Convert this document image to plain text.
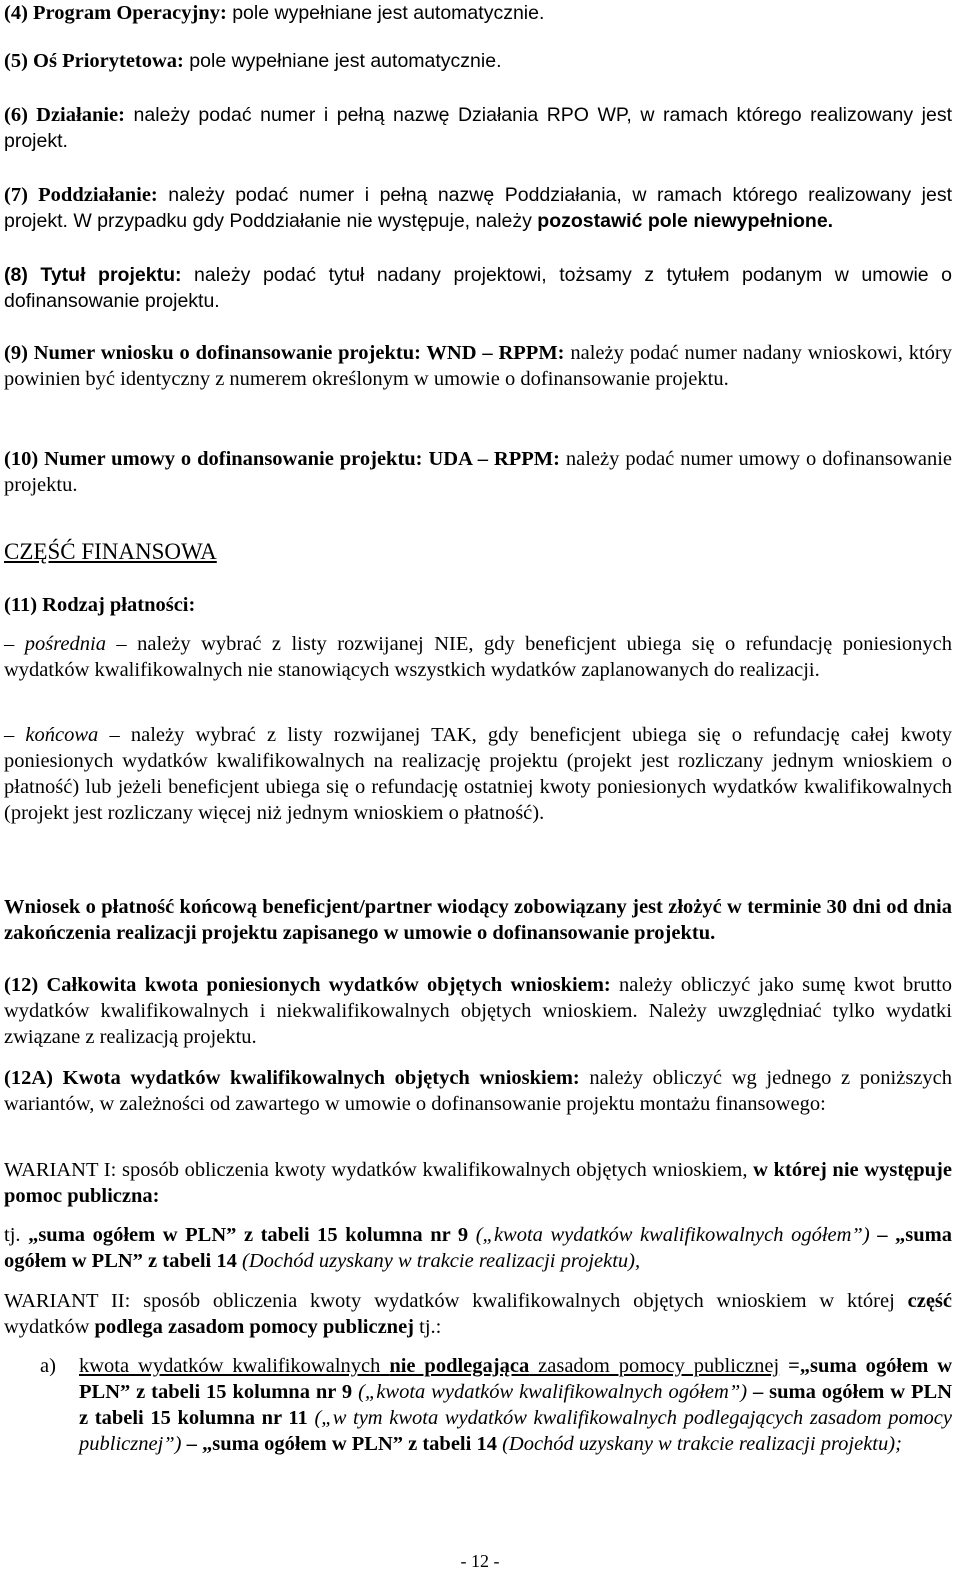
(4) Program Operacyjny: pole wypełniane jest automatycznie.

(5) Oś Priorytetowa: pole wypełniane jest automatycznie.

(6) Działanie: należy podać numer i pełną nazwę Działania RPO WP, w ramach którego realizowany jest projekt.

(7) Poddziałanie: należy podać numer i pełną nazwę Poddziałania, w ramach którego realizowany jest projekt. W przypadku gdy Poddziałanie nie występuje, należy pozostawić pole niewypełnione.

(8) Tytuł projektu: należy podać tytuł nadany projektowi, tożsamy z tytułem podanym w umowie o dofinansowanie projektu.

(9) Numer wniosku o dofinansowanie projektu: WND – RPPM: należy podać numer nadany wnioskowi, który powinien być identyczny z numerem określonym w umowie o dofinansowanie projektu.

(10) Numer umowy o dofinansowanie projektu: UDA – RPPM: należy podać numer umowy o dofinansowanie projektu.

CZĘŚĆ FINANSOWA

(11) Rodzaj płatności:

– pośrednia – należy wybrać z listy rozwijanej NIE, gdy beneficjent ubiega się o refundację poniesionych wydatków kwalifikowalnych nie stanowiących wszystkich wydatków zaplanowanych do realizacji.

– końcowa – należy wybrać z listy rozwijanej TAK, gdy beneficjent ubiega się o refundację całej kwoty poniesionych wydatków kwalifikowalnych na realizację projektu (projekt jest rozliczany jednym wnioskiem o płatność) lub jeżeli beneficjent ubiega się o refundację ostatniej kwoty poniesionych wydatków kwalifikowalnych (projekt jest rozliczany więcej niż jednym wnioskiem o płatność).

Wniosek o płatność końcową beneficjent/partner wiodący zobowiązany jest złożyć w terminie 30 dni od dnia zakończenia realizacji projektu zapisanego w umowie o dofinansowanie projektu.

(12) Całkowita kwota poniesionych wydatków objętych wnioskiem: należy obliczyć jako sumę kwot brutto wydatków kwalifikowalnych i niekwalifikowalnych objętych wnioskiem. Należy uwzględniać tylko wydatki związane z realizacją projektu.

(12A) Kwota wydatków kwalifikowalnych objętych wnioskiem: należy obliczyć wg jednego z poniższych wariantów, w zależności od zawartego w umowie o dofinansowanie projektu montażu finansowego:

WARIANT I: sposób obliczenia kwoty wydatków kwalifikowalnych objętych wnioskiem, w której nie występuje pomoc publiczna:

tj. „suma ogółem w PLN” z tabeli 15 kolumna nr 9 („kwota wydatków kwalifikowalnych ogółem”) – „suma ogółem w PLN” z tabeli 14 (Dochód uzyskany w trakcie realizacji projektu),

WARIANT II: sposób obliczenia kwoty wydatków kwalifikowalnych objętych wnioskiem w której część wydatków podlega zasadom pomocy publicznej tj.:

a) kwota wydatków kwalifikowalnych nie podlegająca zasadom pomocy publicznej =„suma ogółem w PLN” z tabeli 15 kolumna nr 9 („kwota wydatków kwalifikowalnych ogółem”) – suma ogółem w PLN z tabeli 15 kolumna nr 11 („w tym kwota wydatków kwalifikowalnych podlegających zasadom pomocy publicznej”) – „suma ogółem w PLN” z tabeli 14 (Dochód uzyskany w trakcie realizacji projektu);

- 12 -
